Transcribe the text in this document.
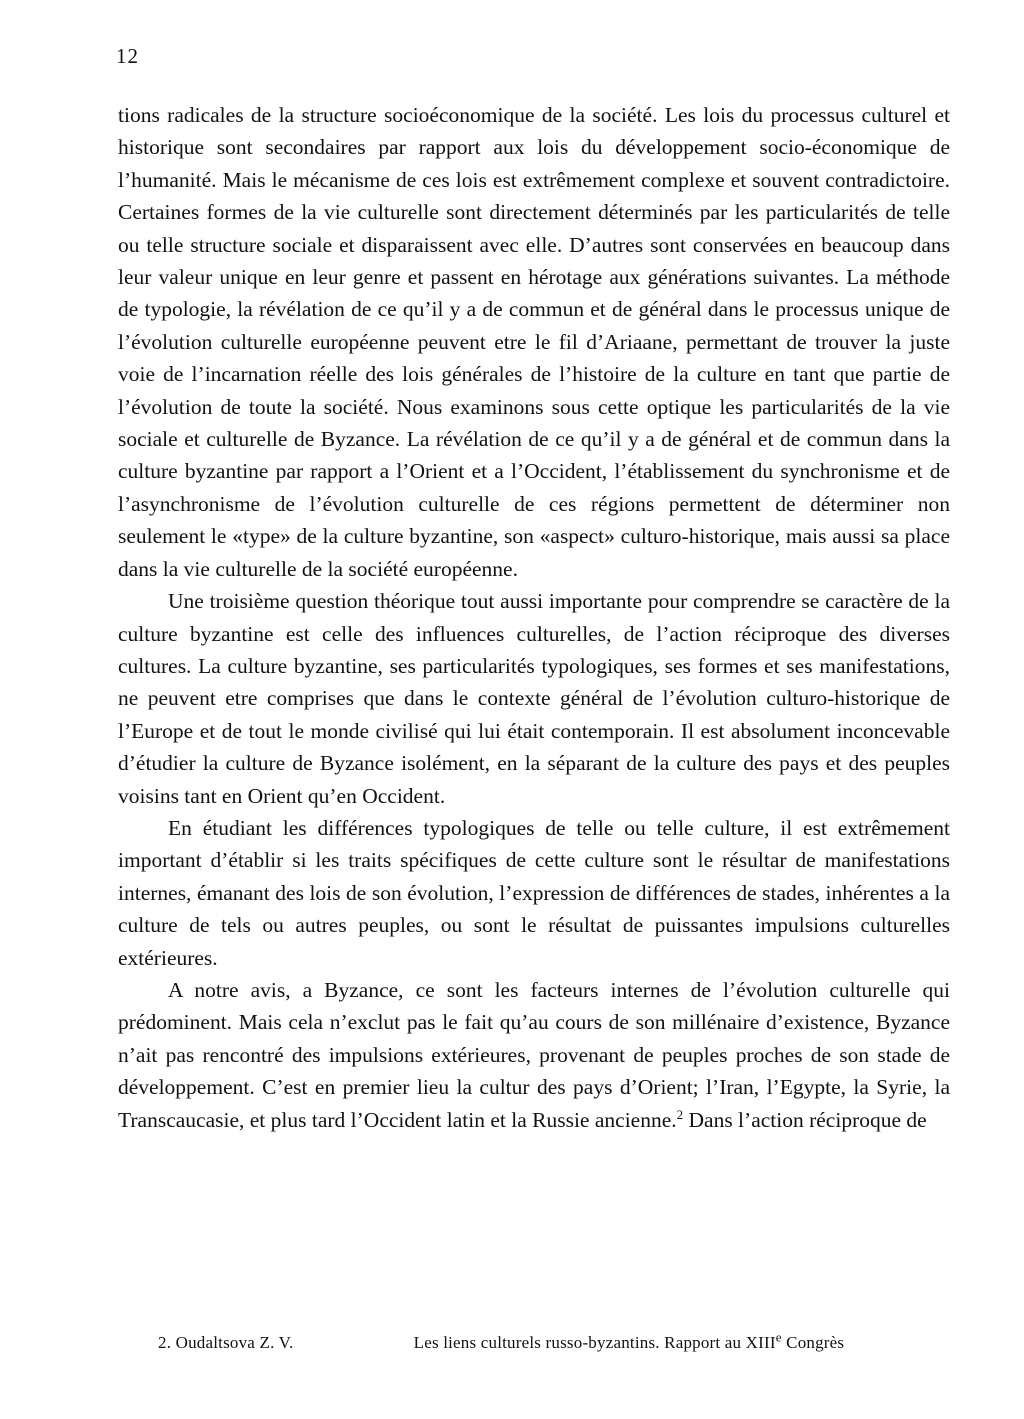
12

tions radicales de la structure socioéconomique de la société. Les lois du processus culturel et historique sont secondaires par rapport aux lois du développement socio-économique de l’humanité. Mais le mécanisme de ces lois est extrêmement complexe et souvent contradictoire. Certaines formes de la vie culturelle sont directement déterminés par les particularités de telle ou telle structure sociale et disparaissent avec elle. D’autres sont conservées en beaucoup dans leur valeur unique en leur genre et passent en hérotage aux générations suivantes. La méthode de typologie, la révélation de ce qu’il y a de commun et de général dans le processus unique de l’évolution culturelle européenne peuvent etre le fil d’Ariaane, permettant de trouver la juste voie de l’incarnation réelle des lois générales de l’histoire de la culture en tant que partie de l’évolution de toute la société. Nous examinons sous cette optique les particularités de la vie sociale et culturelle de Byzance. La révélation de ce qu’il y a de général et de commun dans la culture byzantine par rapport a l’Orient et a l’Occident, l’établissement du synchronisme et de l’asynchronisme de l’évolution culturelle de ces régions permettent de déterminer non seulement le «type» de la culture byzantine, son «aspect» culturo-historique, mais aussi sa place dans la vie culturelle de la société européenne.

Une troisième question théorique tout aussi importante pour comprendre se caractère de la culture byzantine est celle des influences culturelles, de l’action réciproque des diverses cultures. La culture byzantine, ses particularités typologiques, ses formes et ses manifestations, ne peuvent etre comprises que dans le contexte général de l’évolution culturo-historique de l’Europe et de tout le monde civilisé qui lui était contemporain. Il est absolument inconcevable d’étudier la culture de Byzance isolément, en la séparant de la culture des pays et des peuples voisins tant en Orient qu’en Occident.

En étudiant les différences typologiques de telle ou telle culture, il est extrêmement important d’établir si les traits spécifiques de cette culture sont le résultar de manifestations internes, émanant des lois de son évolution, l’expression de différences de stades, inhérentes a la culture de tels ou autres peuples, ou sont le résultat de puissantes impulsions culturelles extérieures.

A notre avis, a Byzance, ce sont les facteurs internes de l’évolution culturelle qui prédominent. Mais cela n’exclut pas le fait qu’au cours de son millénaire d’existence, Byzance n’ait pas rencontré des impulsions extérieures, provenant de peuples proches de son stade de développement. C’est en premier lieu la cultur des pays d’Orient; l’Iran, l’Egypte, la Syrie, la Transcaucasie, et plus tard l’Occident latin et la Russie ancienne.$^2$ Dans l’action réciproque de

2. Oudaltsova Z. V.	Les liens culturels russo-byzantins. Rapport au XIIIe Congrès
